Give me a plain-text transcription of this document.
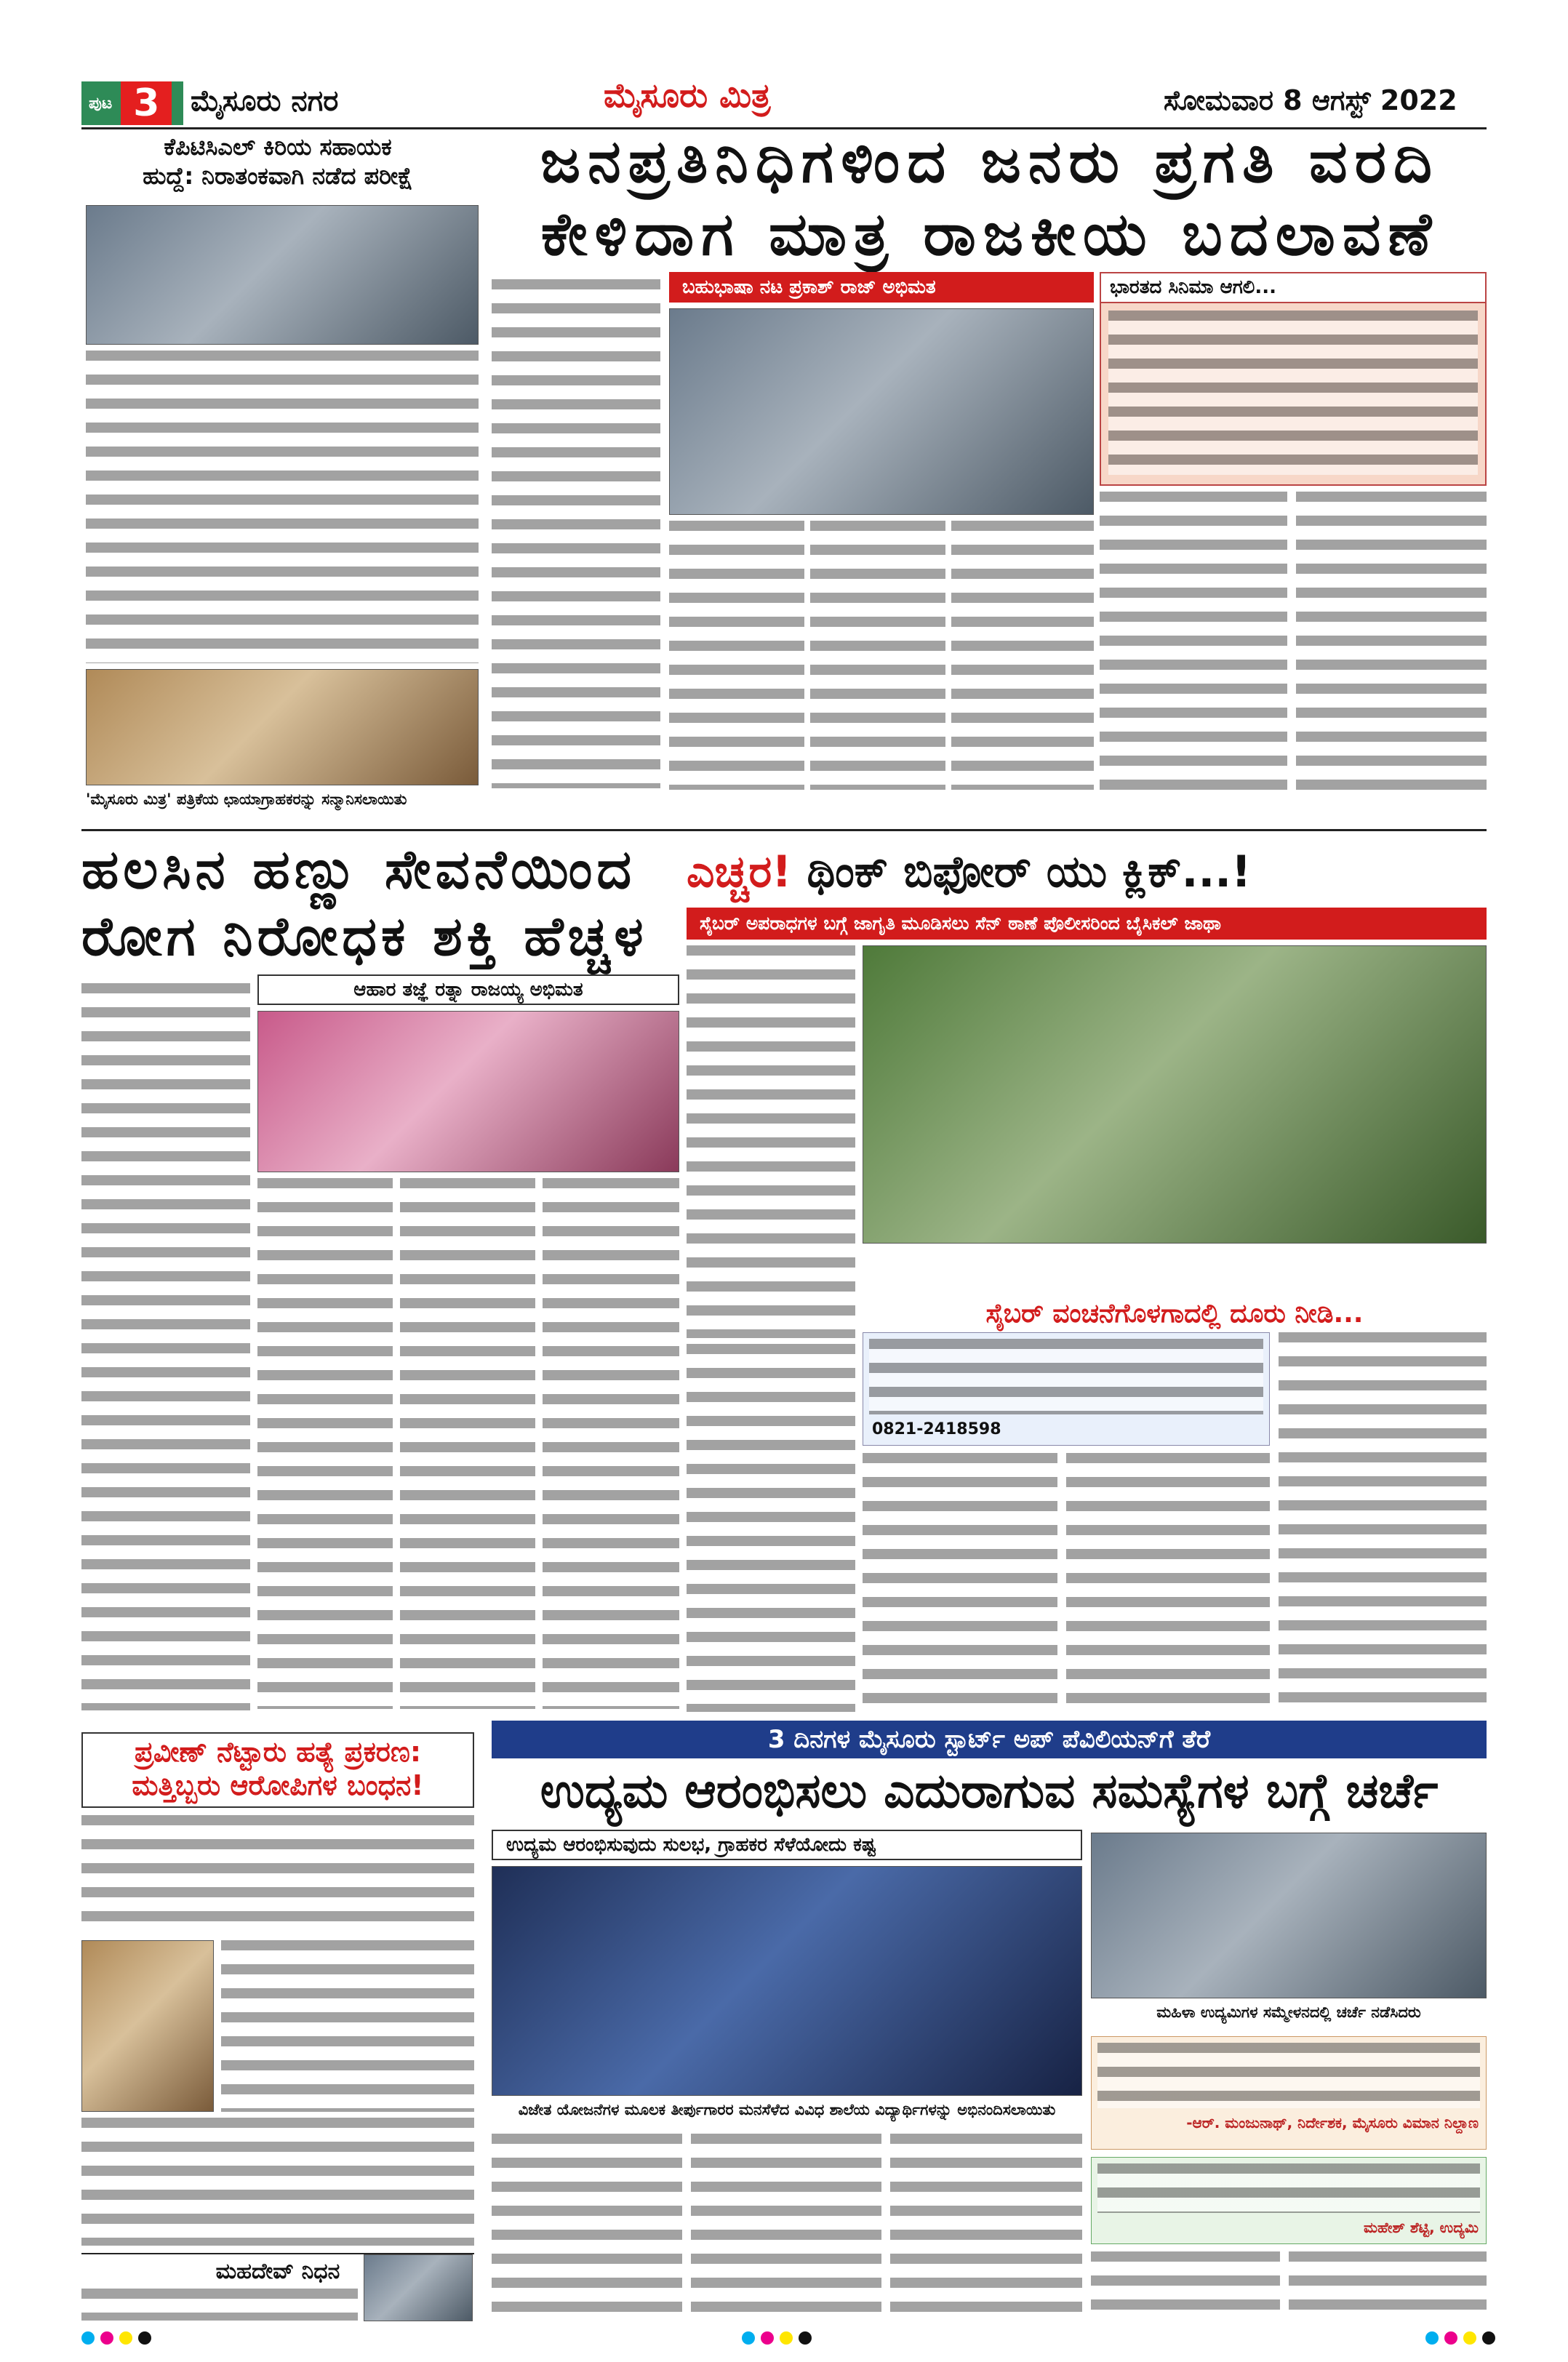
ಪುಟ 3	ಮೈಸೂರು ನಗರ	ಮೈಸೂರು ಮಿತ್ರ	ಸೋಮವಾರ 8 ಆಗಸ್ಟ್ 2022
ಕೆಪಿಟಿಸಿಎಲ್ ಕಿರಿಯ ಸಹಾಯಕ
ಹುದ್ದೆ: ನಿರಾತಂಕವಾಗಿ ನಡೆದ ಪರೀಕ್ಷೆ
'ಮೈಸೂರು ಮಿತ್ರ' ಪತ್ರಿಕೆಯ ಛಾಯಾಗ್ರಾಹಕರನ್ನು ಸನ್ಮಾನಿಸಲಾಯಿತು
ಜನಪ್ರತಿನಿಧಿಗಳಿಂದ ಜನರು ಪ್ರಗತಿ ವರದಿ
ಕೇಳಿದಾಗ ಮಾತ್ರ ರಾಜಕೀಯ ಬದಲಾವಣೆ
ಬಹುಭಾಷಾ ನಟ ಪ್ರಕಾಶ್ ರಾಜ್ ಅಭಿಮತ	ಭಾರತದ ಸಿನಿಮಾ ಆಗಲಿ...
ಹಲಸಿನ ಹಣ್ಣು ಸೇವನೆಯಿಂದ
ರೋಗ ನಿರೋಧಕ ಶಕ್ತಿ ಹೆಚ್ಚಳ
ಆಹಾರ ತಜ್ಞೆ ರತ್ನಾ ರಾಜಯ್ಯ ಅಭಿಮತ
ಎಚ್ಚರ! ಥಿಂಕ್ ಬಿಫೋರ್ ಯು ಕ್ಲಿಕ್...!
ಸೈಬರ್ ಅಪರಾಧಗಳ ಬಗ್ಗೆ ಜಾಗೃತಿ ಮೂಡಿಸಲು ಸೆನ್ ಠಾಣೆ ಪೊಲೀಸರಿಂದ ಬೈಸಿಕಲ್ ಜಾಥಾ

ಸೈಬರ್ ವಂಚನೆಗೊಳಗಾದಲ್ಲಿ ದೂರು ನೀಡಿ...
0821-2418598
3 ದಿನಗಳ ಮೈಸೂರು ಸ್ಟಾರ್ಟ್ ಅಪ್ ಪೆವಿಲಿಯನ್‌ಗೆ ತೆರೆ
ಉದ್ಯಮ ಆರಂಭಿಸಲು ಎದುರಾಗುವ ಸಮಸ್ಯೆಗಳ ಬಗ್ಗೆ ಚರ್ಚೆ
ಉದ್ಯಮ ಆರಂಭಿಸುವುದು ಸುಲಭ, ಗ್ರಾಹಕರ ಸೆಳೆಯೋದು ಕಷ್ಟ
ವಿಜೇತ ಯೋಜನೆಗಳ ಮೂಲಕ ತೀರ್ಪುಗಾರರ ಮನಸೆಳೆದ ವಿವಿಧ ಶಾಲೆಯ ವಿದ್ಯಾರ್ಥಿಗಳನ್ನು ಅಭಿನಂದಿಸಲಾಯಿತು
ಮಹಿಳಾ ಉದ್ಯಮಿಗಳ ಸಮ್ಮೇಳನದಲ್ಲಿ ಚರ್ಚೆ ನಡೆಸಿದರು
-ಆರ್. ಮಂಜುನಾಥ್, ನಿರ್ದೇಶಕ, ಮೈಸೂರು ವಿಮಾನ ನಿಲ್ದಾಣ
ಮಹೇಶ್ ಶೆಟ್ಟಿ, ಉದ್ಯಮಿ
ಪ್ರವೀಣ್ ನೆಟ್ಟಾರು ಹತ್ಯೆ ಪ್ರಕರಣ:
ಮತ್ತಿಬ್ಬರು ಆರೋಪಿಗಳ ಬಂಧನ!
ಮಹದೇವ್ ನಿಧನ
